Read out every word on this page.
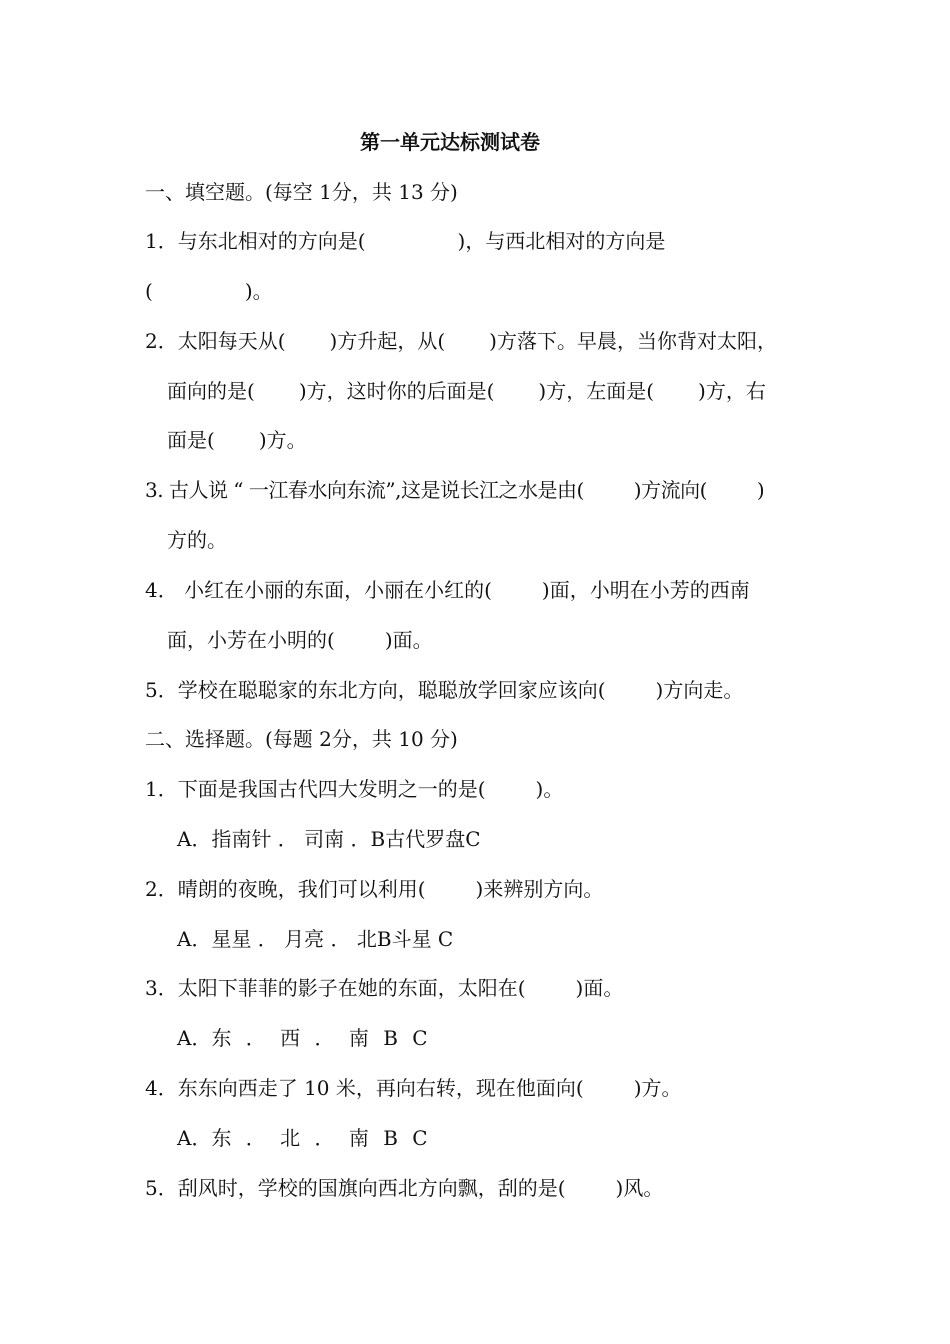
第一单元达标测试卷
一、填空题。(每空 1分，共 13 分)
1．与东北相对的方向是(	)，与西北相对的方向是
(	)。
2．太阳每天从( )方升起，从( )方落下。早晨，当你背对太阳，
面向的是( )方，这时你的后面是( )方，左面是( )方，右
面是( )方。
3. 古人说 “ 一江春水向东流”,这是说长江之水是由(	)方流向(	)
方的。
4． 小红在小丽的东面，小丽在小红的(	)面，小明在小芳的西南
面，小芳在小明的(	)面。
5．学校在聪聪家的东北方向，聪聪放学回家应该向(	)方向走。
二、选择题。(每题 2分，共 10 分)
1．下面是我国古代四大发明之一的是(	)。
A．指南针 ． 司南 ．B古代罗盘C
2．晴朗的夜晚，我们可以利用(	)来辨别方向。
A．星星 ． 月亮 ． 北B斗星 C
3．太阳下菲菲的影子在她的东面，太阳在(	)面。
A．东 ． 西 ． 南 B C
4．东东向西走了 10 米，再向右转，现在他面向(	)方。
A．东 ． 北 ． 南 B C
5．刮风时，学校的国旗向西北方向飘，刮的是(	)风。
